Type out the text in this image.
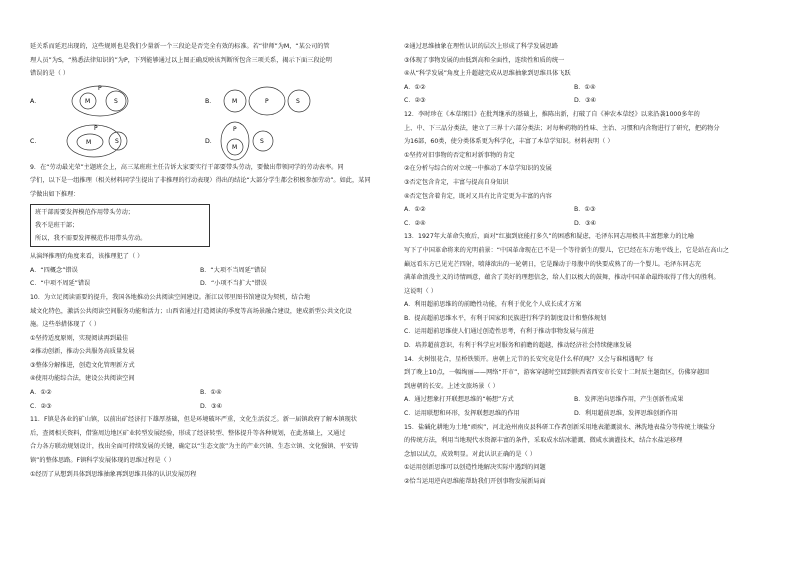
延关系而延迟出现的，这些规则也是我们少量新一个三段论是否完全有效的标准。若“律师”为M，“某公司的管
理人员”为S，“熟悉法律知识的”为P，下列能够通过以上图正确反映该判断所包含三项关系，揭示下面三段论明
错误的是（ ）
A．	M
P
S	B．	M	P	S
C．	M
P
S	D．
P
M
S
9．在“劳动最光荣”主题班会上，高三某班班主任告诉大家要实行干部要带头劳动，要做出带领同学的劳动表率。同
学们，以下是一组推理（相关材料同学生提出了非推理的行动表现）得出的结论“大部分学生都会积极参加劳动”。如此，某同
学做出如下推理：
班干部需要发挥模范作用带头劳动；
我不是班干部；
所以，我不需要发挥模范作用带头劳动。
从演绎推理的角度来看，该推理犯了（ ）
A．“四概念”错误	B．“大项不当周延”错误
C．“中项不周延”错误	D．“小项不当扩大”错误
10．为立足阅读需要的提升，我国各地推动公共阅读空间建设。浙江以邻里图书馆建设为契机，结合地
域文化特色，激活公共阅读空间服务功能和活力；山西省通过打造阅读的季度等高场景融合建设，建成新型公共文化设
施。这些举措体现了（ ）
①坚持适度原则，实现阅读再到最佳
②推动创新，推动公共服务高质量发展
③整体分解推进，创造文化管理新方式
④使用功能综合法，建设公共阅读空间
A．①②	B．①④
C．②③	D．③④
11．F镇是各业的矿山镇，以前出矿经济打下雄厚基础，但是环境破坏严重，文化生活贫乏。新一届镇政府了解本镇现状
后，查阅相关资料，借鉴周边地区矿业转型发展经验，形成了经济转型、整体提升等各种规划，在此基础上，又通过
合力各方联动规划设计，找出全面可持续发展的关键，确定以“生态文旅”为主的产业兴镇、生态立镇、文化强镇、平安铸
镇”的整体思路。F镇科学发展体现的思维过程是（ ）
①经历了从想到具体到思维抽象再到思维具体的认识发展历程
②通过思维抽象在理性认识的层次上形成了科学发展思路
③体现了事物发展的由低到高和全面性，连续性和质的统一
④从“科学发展”角度上升超越完成从思维抽象到思维具体飞跃
A．①②	B．①④
C．②③	D．③④
12．李时珍在《本草纲目》在批判继承的基础上，推陈出新，打破了自《神农本草经》以来沿袭1000多年的
上、中、下三品分类法，建立了三界十六部分类法；对每种药物的性味、主治、习惯和内含物进行了研究，把药物分
为16部，60类，使分类体系更为科学化，丰富了本草学知识。材料表明（ ）
①坚持对旧事物的否定和对新事物的肯定
②在分析与综合的对立统一中推动了本草学知识的发展
③否定包含肯定，丰富与提高自身知识
④否定包含着肯定，既对又具有比肯定更为丰富的内容
A．①②	B．①③
C．②④	D．③④
13．1927年大革命失败后，面对“红旗到底能打多久”的困惑和疑虑，毛泽东同志用极具丰富想象力的比喻
写下了中国革命将来的光明前景：“中国革命现在已不是一个等待新生的婴儿，它已经在东方地平线上，它是站在高山之
巅远看东方已见光芒四射，喷薄欲出的一轮朝日，它是躁动于母腹中的快要成熟了的一个婴儿。毛泽东同志充
满革命浪漫主义的诗情画意，蕴含了美好的理想信念，给人们以极大的鼓舞，推动中国革命最终取得了伟大的胜利。
这说明（ ）
A．利用超前思维的的前瞻性功能，有利于优化个人成长成才方案
B．提高超前思维水平，有利于国家和民族进行科学的制度设计和整体规划
C．运用超前思维使人们通过创造性思考，有利于推动事物发展与前进
D．培养超前意识，有利于科学应对服务和前瞻的超越，推动经济社会持续健康发展
14．火树银花合，星桥铁锁开。唐朝上元节的长安究竟是什么样的呢？又会与谁相遇呢？每
到了晚上10点，一幅绚丽——网络“开市”，游客穿越时空回到陕西省西安市长安十二时辰主题街区，仿佛穿越回
到唐朝的长安。上述文旅场景（ ）
A．通过想象打开联想思维的“畅想”方式	B．发挥逆向思维作用，产生创新性成果
C．运用联想和环形，发挥联想思维的作用	D．利用超前思维，发挥思维创新作用
15．盐碱化耕地为土地“顽疾”，河北沧州南皮县科研工作者创新采用地表灌溉淡水、淋洗地表盐分等传统土壤盐分
的传统方法，利用当地现代水资源丰富的条件，采取成水结冰灌溉、微咸水滴灌技术，结合水盐运移理
念加以试点，成效明显。对此认识正确的是（ ）
①运用创新思维可以创造性地解决实际中遇到的问题
②恰当运用逆向思维能帮助我们开创事物发展新局面
